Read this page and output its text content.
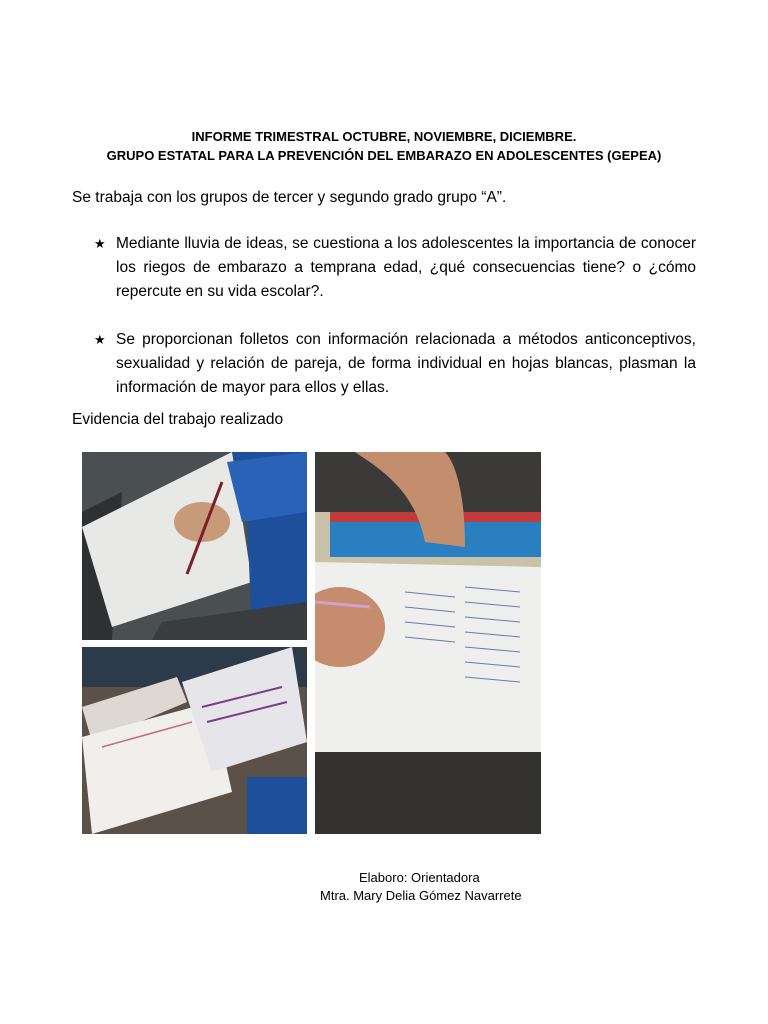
INFORME TRIMESTRAL OCTUBRE, NOVIEMBRE, DICIEMBRE.
GRUPO ESTATAL PARA LA PREVENCIÓN DEL EMBARAZO EN ADOLESCENTES (GEPEA)
Se trabaja con los grupos de tercer y segundo grado grupo “A”.
★ Mediante lluvia de ideas, se cuestiona a los adolescentes la importancia de conocer los riegos de embarazo a temprana edad, ¿qué consecuencias tiene? o ¿cómo repercute en su vida escolar?.
★ Se proporcionan folletos con información relacionada a métodos anticonceptivos, sexualidad y relación de pareja, de forma individual en hojas blancas, plasman la información de mayor para ellos y ellas.
Evidencia del trabajo realizado
Elaboro: Orientadora
Mtra. Mary Delia Gómez Navarrete
